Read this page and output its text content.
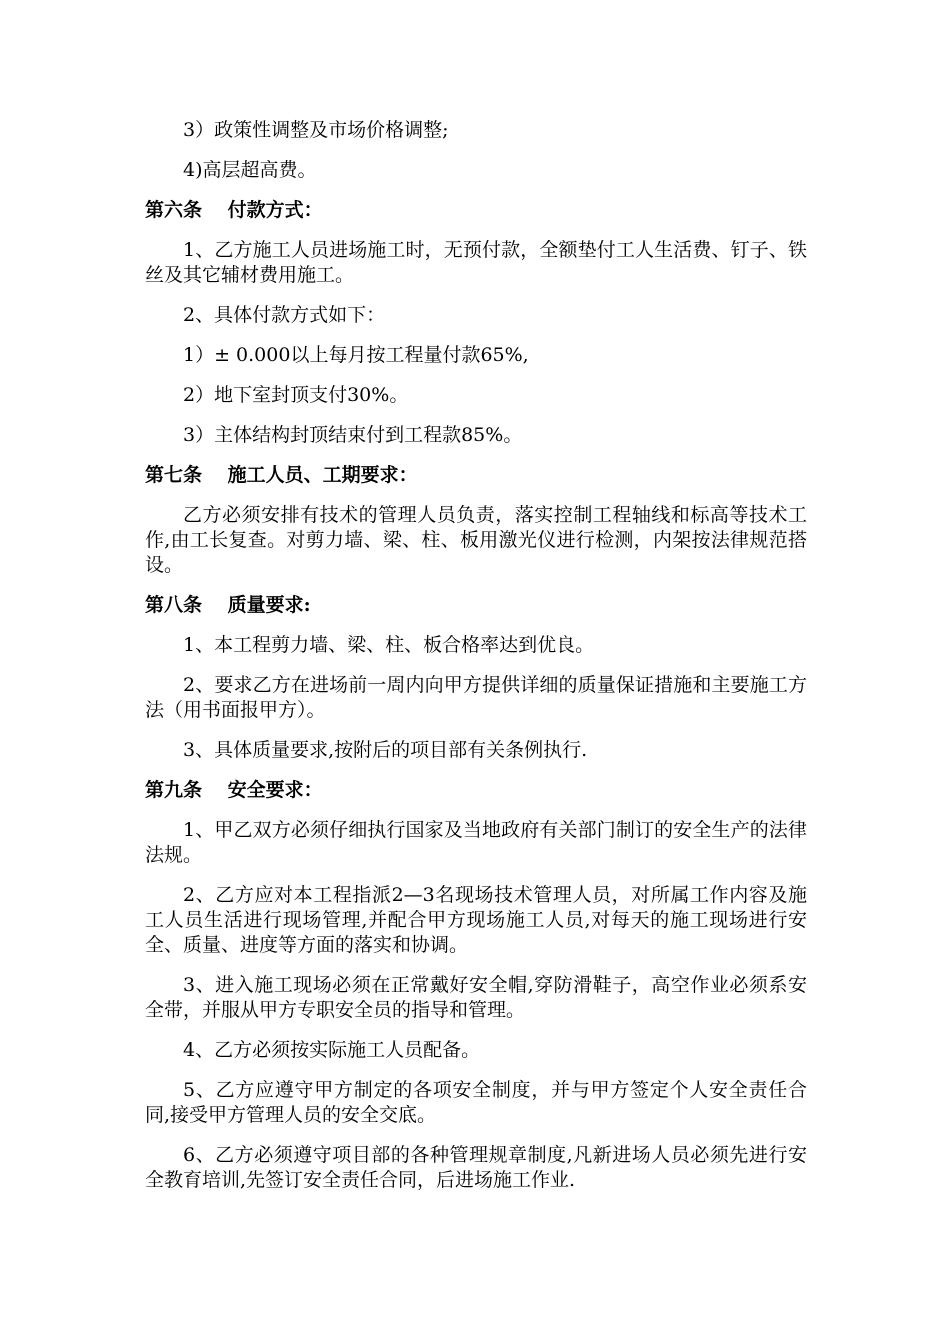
3）政策性调整及市场价格调整;

4)高层超高费。

第六条　 付款方式：

1、乙方施工人员进场施工时，无预付款，全额垫付工人生活费、钉子、铁丝及其它辅材费用施工。

2、具体付款方式如下：

1）± 0.000以上每月按工程量付款65%,

2）地下室封顶支付30%。

3）主体结构封顶结束付到工程款85%。

第七条　 施工人员、工期要求：

乙方必须安排有技术的管理人员负责，落实控制工程轴线和标高等技术工作,由工长复查。对剪力墙、梁、柱、板用激光仪进行检测，内架按法律规范搭设。

第八条　 质量要求:

1、本工程剪力墙、梁、柱、板合格率达到优良。

2、要求乙方在进场前一周内向甲方提供详细的质量保证措施和主要施工方法（用书面报甲方）。

3、具体质量要求,按附后的项目部有关条例执行.

第九条　 安全要求：

1、甲乙双方必须仔细执行国家及当地政府有关部门制订的安全生产的法律法规。

2、乙方应对本工程指派2—3名现场技术管理人员，对所属工作内容及施工人员生活进行现场管理,并配合甲方现场施工人员,对每天的施工现场进行安全、质量、进度等方面的落实和协调。

3、进入施工现场必须在正常戴好安全帽,穿防滑鞋子，高空作业必须系安全带，并服从甲方专职安全员的指导和管理。

4、乙方必须按实际施工人员配备。

5、乙方应遵守甲方制定的各项安全制度，并与甲方签定个人安全责任合同,接受甲方管理人员的安全交底。

6、乙方必须遵守项目部的各种管理规章制度,凡新进场人员必须先进行安全教育培训,先签订安全责任合同，后进场施工作业.
